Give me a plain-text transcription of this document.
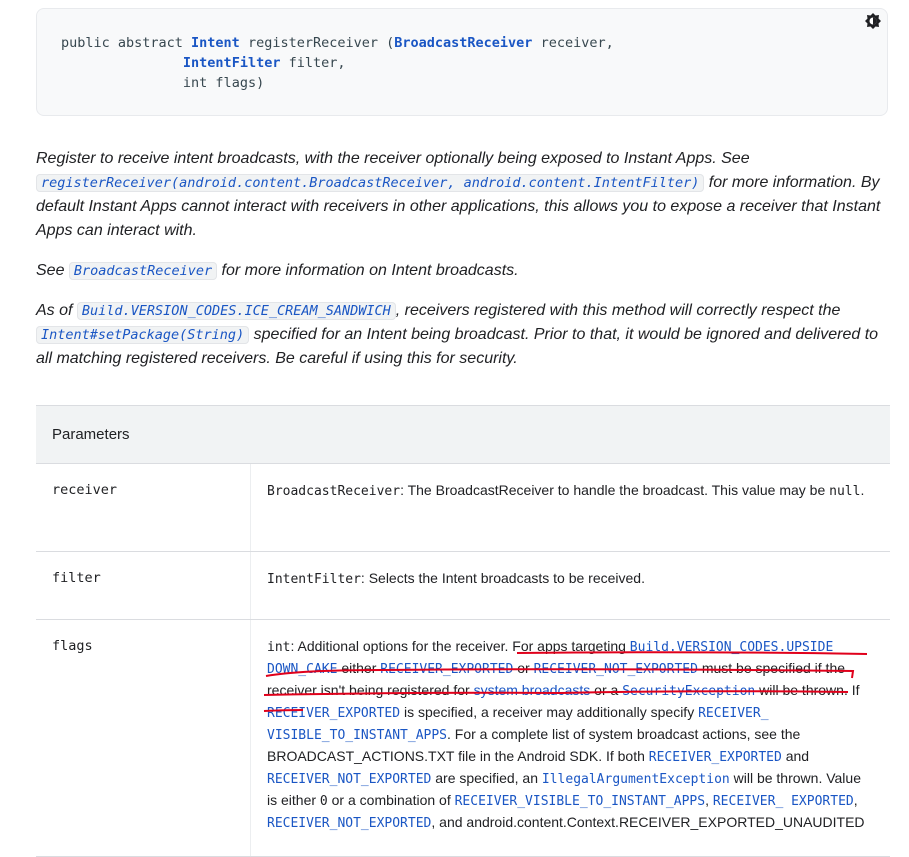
public abstract Intent registerReceiver (BroadcastReceiver receiver,
IntentFilter filter,
int flags)

Register to receive intent broadcasts, with the receiver optionally being exposed to Instant Apps. See registerReceiver(android.content.BroadcastReceiver, android.content.IntentFilter) for more information. By default Instant Apps cannot interact with receivers in other applications, this allows you to expose a receiver that Instant Apps can interact with.

See BroadcastReceiver for more information on Intent broadcasts.

As of Build.VERSION_CODES.ICE_CREAM_SANDWICH , receivers registered with this method will correctly respect the Intent#setPackage(String) specified for an Intent being broadcast. Prior to that, it would be ignored and delivered to all matching registered receivers. Be careful if using this for security.

Parameters	
receiver	BroadcastReceiver: The BroadcastReceiver to handle the broadcast. This value may be null.
filter	IntentFilter: Selects the Intent broadcasts to be received.
flags	int: Additional options for the receiver. For apps targeting Build.VERSION_CODES.UPSIDE_ DOWN_CAKE either RECEIVER_EXPORTED or RECEIVER_NOT_EXPORTED must be specified if the receiver isn't being registered for system broadcasts or a SecurityException will be thrown. If RECEIVER_EXPORTED is specified, a receiver may additionally specify RECEIVER_ VISIBLE_TO_INSTANT_APPS. For a complete list of system broadcast actions, see the BROADCAST_ACTIONS.TXT file in the Android SDK. If both RECEIVER_EXPORTED and RECEIVER_NOT_EXPORTED are specified, an IllegalArgumentException will be thrown. Value is either 0 or a combination of RECEIVER_VISIBLE_TO_INSTANT_APPS, RECEIVER_ EXPORTED, RECEIVER_NOT_EXPORTED, and android.content.Context.RECEIVER_EXPORTED_UNAUDITED
